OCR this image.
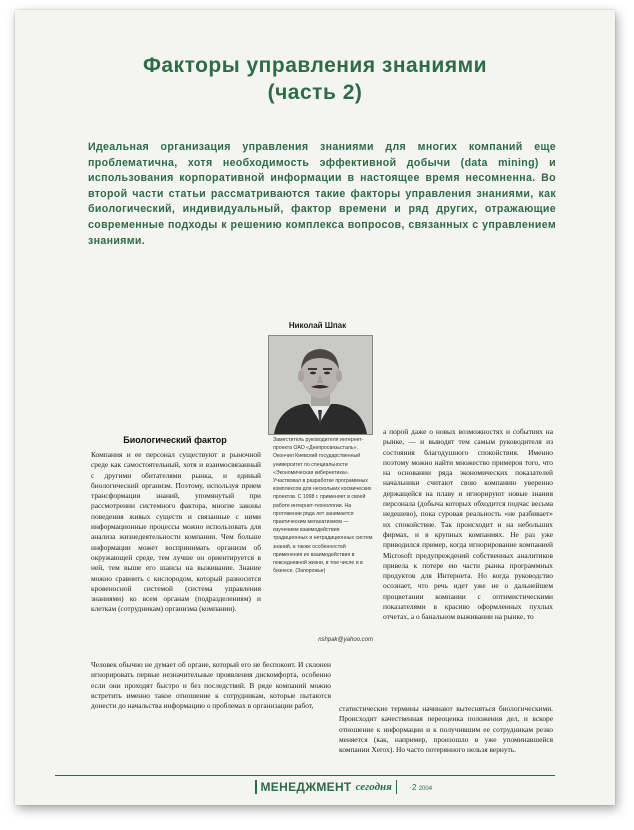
Факторы управления знаниями
(часть 2)
Идеальная организация управления знаниями для многих компаний еще проблематична, хотя необходимость эффективной добычи (data mining) и использования корпоративной информации в настоящее время несомненна. Во второй части статьи рассматриваются такие факторы управления знаниями, как биологический, индивидуальный, фактор времени и ряд других, отражающие современные подходы к решению комплекса вопросов, связанных с управлением знаниями.
Николай Шпак
Заместитель руководителя интернет-проекта ОАО «Днепросвязьсталь». Окончил Киевский государственный университет по специальности «Экономическая кибернетика». Участвовал в разработке программных комплексов для нескольких космических проектов. С 1998 г. применяет в своей работе интернет-технологии. На протяжении ряда лет занимается практическим меганатизмом — изучением взаимодействия традиционных и нетрадиционных систем знаний, а также особенностей применения их взаимодействия в повседневной жизни, в том числе и в бизнесе. (Запорожье)
nshpak@yahoo.com
Биологический фактор
Компания и ее персонал существуют в рыночной среде как самостоятельный, хотя и взаимосвязанный с другими обитателями рынка, и единый биологический организм. Поэтому, используя прием трансформации знаний, упомянутый при рассмотрении системного фактора, многие законы поведения живых существ и связанные с ними информационные процессы можно использовать для анализа жизнедеятельности компании. Чем больше информации может воспринимать организм об окружающей среде, тем лучше он ориентируется в ней, тем выше его шансы на выживание. Знание можно сравнить с кислородом, который разносится кровеносной системой (система управления знаниями) ко всем органам (подразделениям) и клеткам (сотрудникам) организма (компании).
Человек обычно не думает об органе, который его не беспокоит. И склонен игнорировать первые незначительные проявления дискомфорта, особенно если они проходят быстро и без последствий. В ряде компаний можно встретить именно такое отношение к сотрудникам, которые пытаются донести до начальства информацию о проблемах в организации работ,
а порой даже о новых возможностях и событиях на рынке, — и выводят тем самым руководителя из состояния благодушного спокойствия. Именно поэтому можно найти множество примеров того, что на основании ряда экономических показателей начальники считают свою компанию уверенно держащейся на плаву и игнорируют новые знания персонала (добыча которых обходится подчас весьма недешево), пока суровая реальность «не разбивает» их спокойствие. Так происходит и на небольших фирмах, и в крупных компаниях. Не раз уже приводился пример, когда игнорирование компанией Microsoft предупреждений собственных аналитиков привела к потере ею части рынка программных продуктов для Интернета. Но когда руководство осознает, что речь идет уже не о дальнейшем процветании компании с оптимистическими показателями в красиво оформленных пухлых отчетах, а о банальном выживании на рынке, то
статистические термины начинают вытесняться биологическими. Происходит качественная переоценка положения дел, и вскоре отношение к информации и к получившим ее сотрудникам резко меняется (как, например, произошло в уже упоминавшейся компании Xerox). Но часто потерянного нельзя вернуть.
МЕНЕДЖМЕНТ сегодня ·2 2004
